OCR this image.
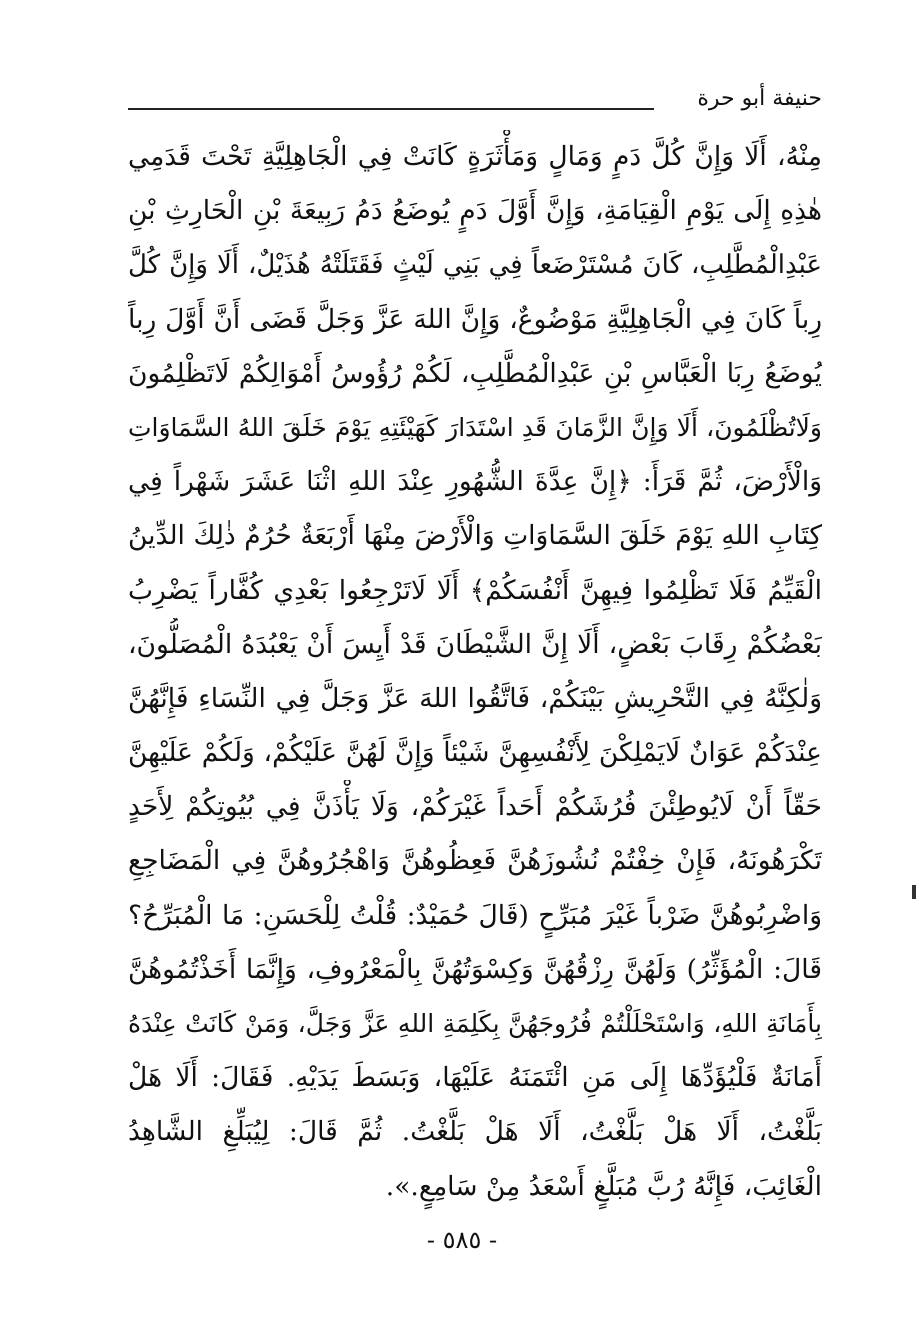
حنيفة أبو حرة
مِنْهُ، أَلَا وَإِنَّ كُلَّ دَمٍ وَمَالٍ وَمَأْثَرَةٍ كَانَتْ فِي الْجَاهِلِيَّةِ تَحْتَ قَدَمِي
هٰذِهِ إِلَى يَوْمِ الْقِيَامَةِ، وَإِنَّ أَوَّلَ دَمٍ يُوضَعُ دَمُ رَبِيعَةَ بْنِ الْحَارِثِ بْنِ
عَبْدِالْمُطَّلِبِ، كَانَ مُسْتَرْضَعاً فِي بَنِي لَيْثٍ فَقَتَلَتْهُ هُذَيْلٌ، أَلَا وَإِنَّ كُلَّ
رِباً كَانَ فِي الْجَاهِلِيَّةِ مَوْضُوعٌ، وَإِنَّ اللهَ عَزَّ وَجَلَّ قَضَى أَنَّ أَوَّلَ رِباً
يُوضَعُ رِبَا الْعَبَّاسِ بْنِ عَبْدِالْمُطَّلِبِ، لَكُمْ رُؤُوسُ أَمْوَالِكُمْ لَاتَظْلِمُونَ
وَلَاتُظْلَمُونَ، أَلَا وَإِنَّ الزَّمَانَ قَدِ اسْتَدَارَ كَهَيْئَتِهِ يَوْمَ خَلَقَ اللهُ السَّمَاوَاتِ
وَالْأَرْضَ، ثُمَّ قَرَأَ: ﴿إِنَّ عِدَّةَ الشُّهُورِ عِنْدَ اللهِ اثْنَا عَشَرَ شَهْراً فِي
كِتَابِ اللهِ يَوْمَ خَلَقَ السَّمَاوَاتِ وَالْأَرْضَ مِنْهَا أَرْبَعَةٌ حُرُمٌ ذٰلِكَ الدِّينُ
الْقَيِّمُ فَلَا تَظْلِمُوا فِيهِنَّ أَنْفُسَكُمْ﴾ أَلَا لَاتَرْجِعُوا بَعْدِي كُفَّاراً يَضْرِبُ
بَعْضُكُمْ رِقَابَ بَعْضٍ، أَلَا إِنَّ الشَّيْطَانَ قَدْ أَيِسَ أَنْ يَعْبُدَهُ الْمُصَلُّونَ،
وَلٰكِنَّهُ فِي التَّحْرِيشِ بَيْنَكُمْ، فَاتَّقُوا اللهَ عَزَّ وَجَلَّ فِي النِّسَاءِ فَإِنَّهُنَّ
عِنْدَكُمْ عَوَانٌ لَايَمْلِكْنَ لِأَنْفُسِهِنَّ شَيْئاً وَإِنَّ لَهُنَّ عَلَيْكُمْ، وَلَكُمْ عَلَيْهِنَّ
حَقّاً أَنْ لَايُوطِئْنَ فُرُشَكُمْ أَحَداً غَيْرَكُمْ، وَلَا يَأْذَنَّ فِي بُيُوتِكُمْ لِأَحَدٍ
تَكْرَهُونَهُ، فَإِنْ خِفْتُمْ نُشُوزَهُنَّ فَعِظُوهُنَّ وَاهْجُرُوهُنَّ فِي الْمَضَاجِعِ
وَاضْرِبُوهُنَّ ضَرْباً غَيْرَ مُبَرِّحٍ (قَالَ حُمَيْدٌ: قُلْتُ لِلْحَسَنِ: مَا الْمُبَرِّحُ؟
قَالَ: الْمُؤَثِّرُ) وَلَهُنَّ رِزْقُهُنَّ وَكِسْوَتُهُنَّ بِالْمَعْرُوفِ، وَإِنَّمَا أَخَذْتُمُوهُنَّ
بِأَمَانَةِ اللهِ، وَاسْتَحْلَلْتُمْ فُرُوجَهُنَّ بِكَلِمَةِ اللهِ عَزَّ وَجَلَّ، وَمَنْ كَانَتْ عِنْدَهُ
أَمَانَةٌ فَلْيُؤَدِّهَا إِلَى مَنِ ائْتَمَنَهُ عَلَيْهَا، وَبَسَطَ يَدَيْهِ. فَقَالَ: أَلَا هَلْ
بَلَّغْتُ، أَلَا هَلْ بَلَّغْتُ، أَلَا هَلْ بَلَّغْتُ. ثُمَّ قَالَ: لِيُبَلِّغِ الشَّاهِدُ
الْغَائِبَ، فَإِنَّهُ رُبَّ مُبَلَّغٍ أَسْعَدُ مِنْ سَامِعٍ.».
- ٥٨٥ -
